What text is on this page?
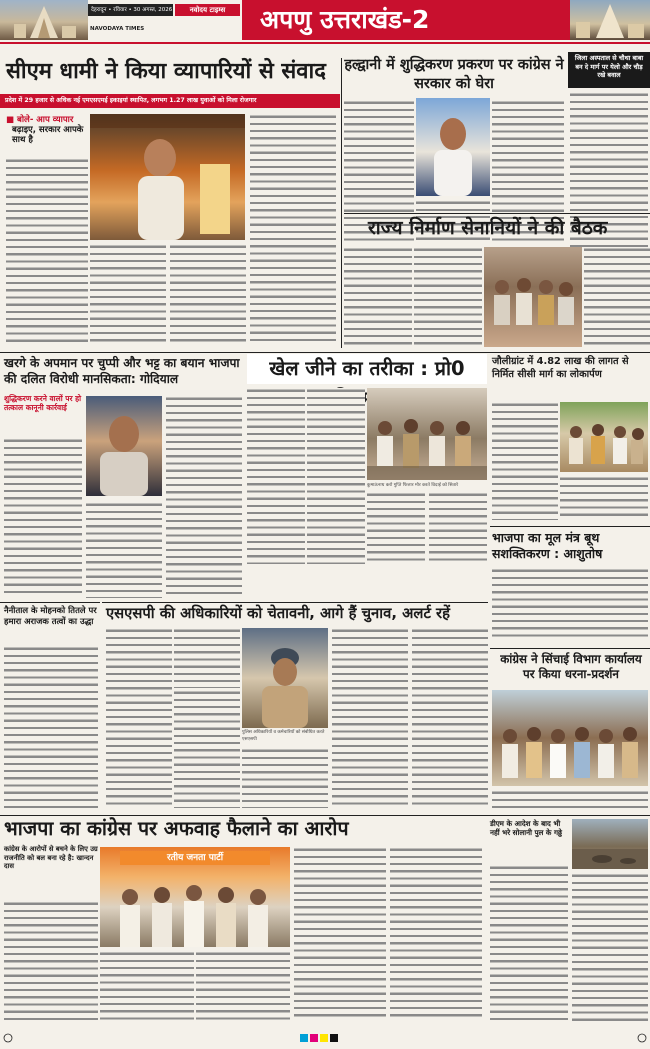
देहरादून • रविवार • 30 अगस्त, 2026	नवोदय टाइम्स
NAVODAYA TIMES	अपणु उत्तराखंड-2
सीएम धामी ने किया व्यापारियों से संवाद
प्रदेश में 29 हजार से अधिक नई एमएसएमई इकाइयां स्थापित, लगभग 1.27 लाख युवाओं को मिला रोजगार
■ बोले- आप व्यापार
बढ़ाइए, सरकार आपके साथ है
हल्द्वानी में शुद्धिकरण प्रकरण पर कांग्रेस ने सरकार को घेरा
जिला अस्पताल से चौथा बाबा बन दे मार्ग पर येलो और चौड़ रखे बवाल
राज्य निर्माण सेनानियों ने की बैठक
खरगे के अपमान पर चुप्पी और भट्ट का बयान भाजपा की दलित विरोधी मानसिकता: गोदियाल
शुद्धिकरण करने वालों पर हो तत्काल कानूनी कार्रवाई
खेल जीने का तरीका : प्रो0
कुमाऊंनाथ करो गुप्ति फित्तार मोर करते विदाई को सितारे
जौलीग्रांट में 4.82 लाख की लागत से निर्मित सीसी मार्ग का लोकार्पण
भाजपा का मूल मंत्र बूथ सशक्तिकरण : आशुतोष
नैनीताल के मोहनको तितले पर हमारा अराजक तत्वों का उद्धा एसएसपी की अधिकारियों को चेतावनी, आगे हैं चुनाव, अलर्ट रहें
पुलिस अधिकारियों व कर्मचारियों को संबोधित करते एसएसपी
कांग्रेस ने सिंचाई विभाग कार्यालय पर किया धरना-प्रदर्शन
भाजपा का कांग्रेस पर अफवाह फैलाने का आरोप
कांग्रेस के आरोपों से बचने के लिए उग्र राजनीति को बल बना रहे है: खान्दन दास
रतीय जनता पार्टी
डीएम के आदेश के बाद भी नहीं भरे सोलानी पुल के गढ्ढे
